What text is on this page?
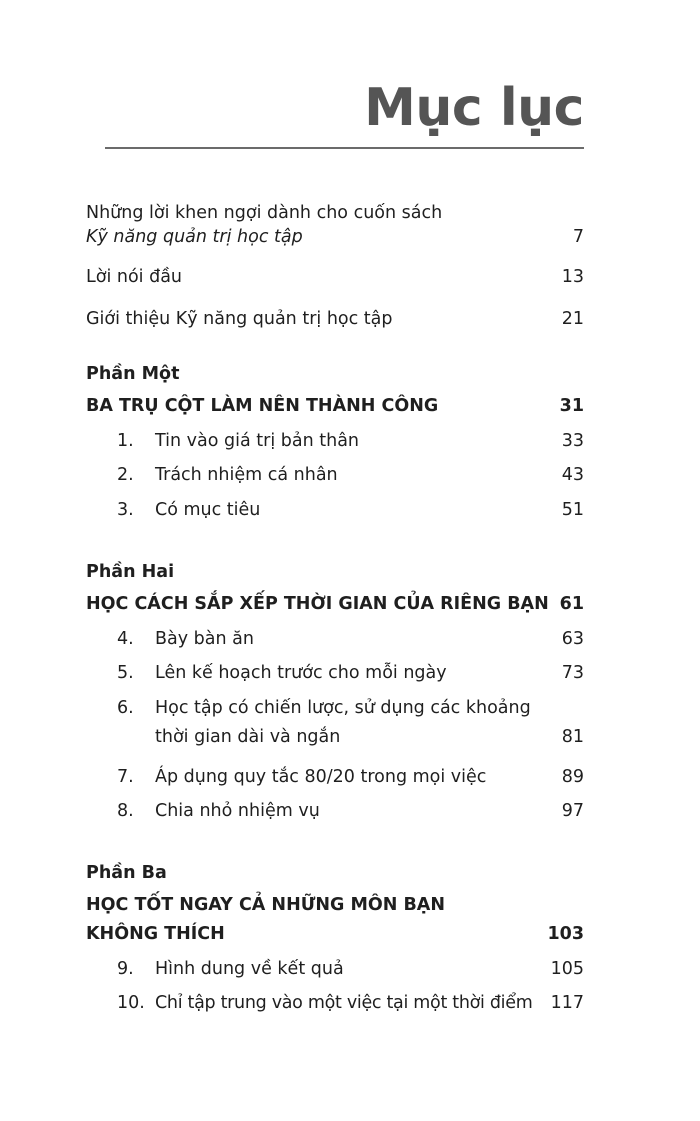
Mục lục
Những lời khen ngợi dành cho cuốn sách
Kỹ năng quản trị học tập	7
Lời nói đầu	13
Giới thiệu Kỹ năng quản trị học tập	21
Phần Một
BA TRỤ CỘT LÀM NÊN THÀNH CÔNG	31
1. Tin vào giá trị bản thân	33
2. Trách nhiệm cá nhân	43
3. Có mục tiêu	51
Phần Hai
HỌC CÁCH SẮP XẾP THỜI GIAN CỦA RIÊNG BẠN 61
4. Bày bàn ăn	63
5. Lên kế hoạch trước cho mỗi ngày	73
6. Học tập có chiến lược, sử dụng các khoảng
thời gian dài và ngắn	81
7. Áp dụng quy tắc 80/20 trong mọi việc	89
8. Chia nhỏ nhiệm vụ	97
Phần Ba
HỌC TỐT NGAY CẢ NHỮNG MÔN BẠN
KHÔNG THÍCH	103
9. Hình dung về kết quả	105
10. Chỉ tập trung vào một việc tại một thời điểm 117
